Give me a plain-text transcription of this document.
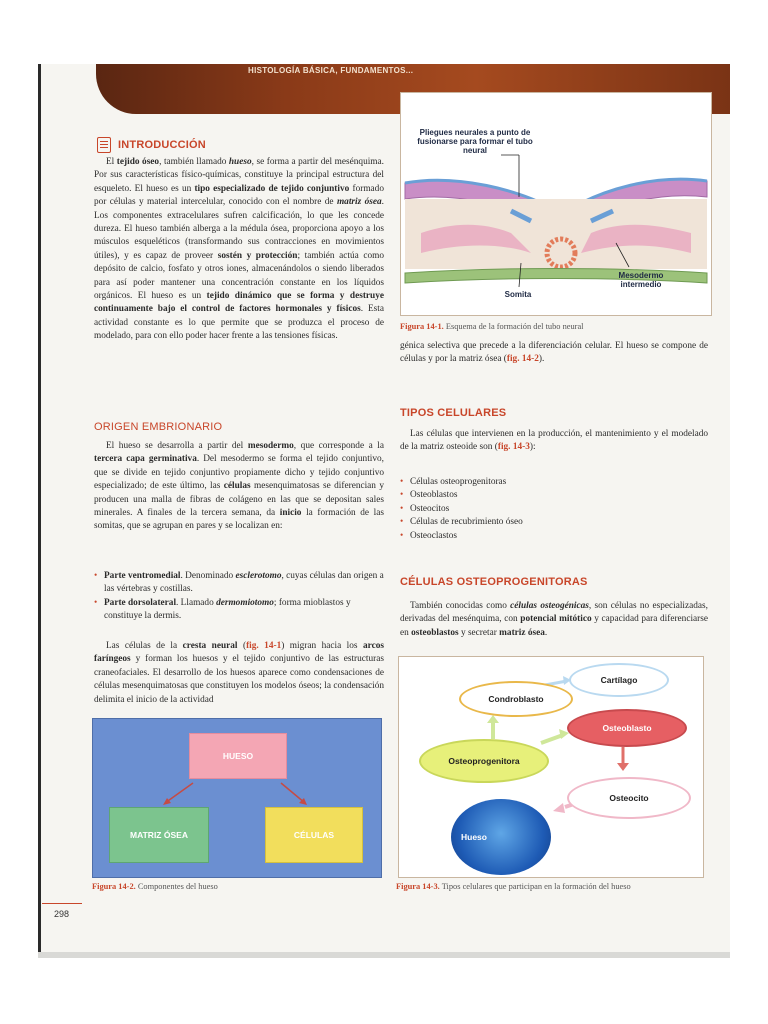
HISTOLOGÍA BÁSICA, FUNDAMENTOS...
INTRODUCCIÓN
El tejido óseo, también llamado hueso, se forma a partir del mesénquima. Por sus características físico-químicas, constituye la principal estructura del esqueleto. El hueso es un tipo especializado de tejido conjuntivo formado por células y material intercelular, conocido con el nombre de matriz ósea. Los componentes extracelulares sufren calcificación, lo que les concede dureza. El hueso también alberga a la médula ósea, proporciona apoyo a los músculos esqueléticos (transformando sus contracciones en movimientos útiles), y es capaz de proveer sostén y protección; también actúa como depósito de calcio, fosfato y otros iones, almacenándolos o siendo liberados para así poder mantener una concentración constante en los líquidos orgánicos. El hueso es un tejido dinámico que se forma y destruye continuamente bajo el control de factores hormonales y físicos. Esta actividad constante es lo que permite que se produzca el proceso de modelado, para con ello poder hacer frente a las tensiones físicas.
ORIGEN EMBRIONARIO
El hueso se desarrolla a partir del mesodermo, que corresponde a la tercera capa germinativa. Del mesodermo se forma el tejido conjuntivo, que se divide en tejido conjuntivo propiamente dicho y tejido conjuntivo especializado; de este último, las células mesenquimatosas se diferencian y producen una malla de fibras de colágeno en las que se depositan sales minerales. A finales de la tercera semana, da inicio la formación de las somitas, que se agrupan en pares y se localizan en:
• Parte ventromedial. Denominado esclerotomo, cuyas células dan origen a las vértebras y costillas.
• Parte dorsolateral. Llamado dermomiotomo; forma mioblastos y constituye la dermis.
Las células de la cresta neural (fig. 14-1) migran hacia los arcos faríngeos y forman los huesos y el tejido conjuntivo de las estructuras craneofaciales. El desarrollo de los huesos aparece como condensaciones de células mesenquimatosas que constituyen los modelos óseos; la condensación delimita el inicio de la actividad
HUESO
MATRIZ ÓSEA	CÉLULAS
Figura 14-2. Componentes del hueso
Pliegues neurales a punto de fusionarse para formar el tubo neural
Mesodermo intermedio
Somita
Figura 14-1. Esquema de la formación del tubo neural
génica selectiva que precede a la diferenciación celular. El hueso se compone de células y por la matriz ósea (fig. 14-2).
TIPOS CELULARES
Las células que intervienen en la producción, el mantenimiento y el modelado de la matriz osteoide son (fig. 14-3):
• Células osteoprogenitoras
• Osteoblastos
• Osteocitos
• Células de recubrimiento óseo
• Osteoclastos
CÉLULAS OSTEOPROGENITORAS
También conocidas como células osteogénicas, son células no especializadas, derivadas del mesénquima, con potencial mitótico y capacidad para diferenciarse en osteoblastos y secretar matriz ósea.
Cartílago
Condroblasto
Osteoblasto
Osteoprogenitora
Osteocito
Hueso
Figura 14-3. Tipos celulares que participan en la formación del hueso
298
